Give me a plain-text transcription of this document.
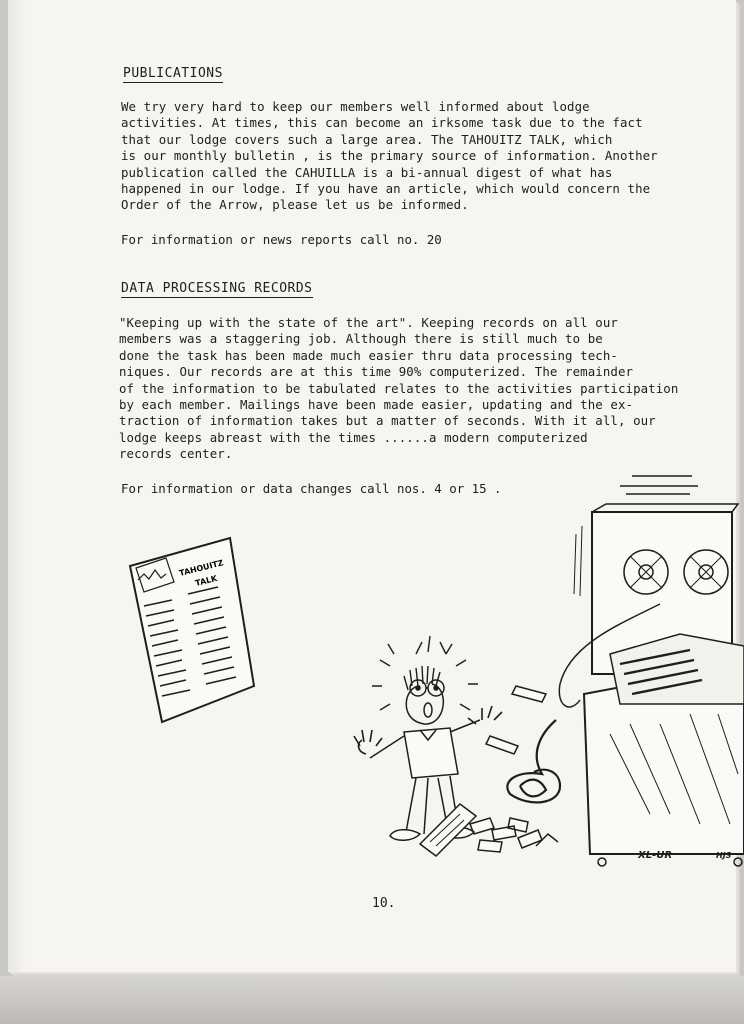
PUBLICATIONS
We try very hard to keep our members well informed about lodge
activities. At times, this can become an irksome task due to the fact
that our lodge covers such a large area. The TAHOUITZ TALK, which
is our monthly bulletin , is the primary source of information. Another
publication called the CAHUILLA is a bi-annual digest of what has
happened in our lodge. If you have an article, which would concern the
Order of the Arrow, please let us be informed.
For information or news reports call no. 20
DATA PROCESSING RECORDS
"Keeping up with the state of the art". Keeping records on all our
members was a staggering job. Although there is still much to be
done the task has been made much easier thru data processing tech-
niques. Our records are at this time 90% computerized. The remainder
of the information to be tabulated relates to the activities participation
by each member. Mailings have been made easier, updating and the ex-
traction of information takes but a matter of seconds. With it all, our
lodge keeps abreast with the times ......a modern computerized
records center.
For information or data changes call nos. 4 or 15 .
TAHOUITZ
TALK
XL-UR	HJS
10.
